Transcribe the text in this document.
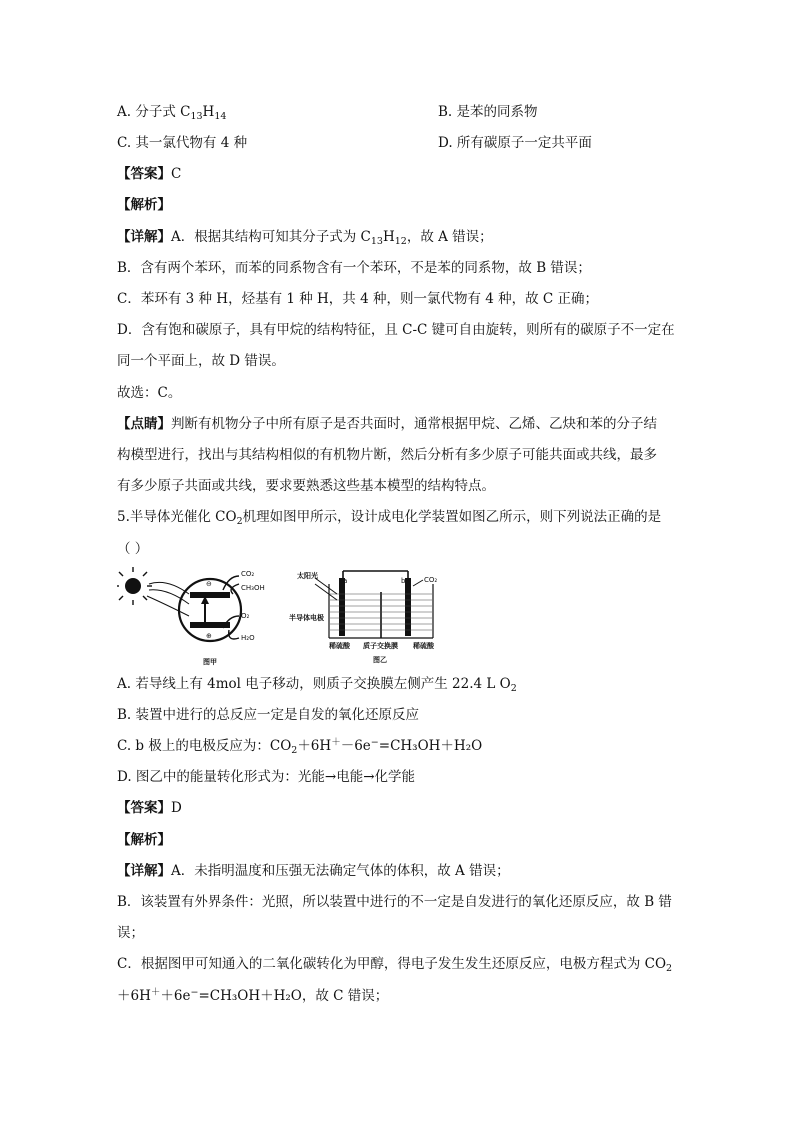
A. 分子式 $C_{13}H_{14}$	B. 是苯的同系物
C. 其一氯代物有 4 种	D. 所有碳原子一定共平面
【答案】C
【解析】
【详解】A．根据其结构可知其分子式为 $C_{13}H_{12}$，故 A 错误；
B．含有两个苯环，而苯的同系物含有一个苯环，不是苯的同系物，故 B 错误；
C．苯环有 3 种 H，烃基有 1 种 H，共 4 种，则一氯代物有 4 种，故 C 正确；
D．含有饱和碳原子，具有甲烷的结构特征，且 C-C 键可自由旋转，则所有的碳原子不一定在
同一个平面上，故 D 错误。
故选：C。
【点睛】判断有机物分子中所有原子是否共面时，通常根据甲烷、乙烯、乙炔和苯的分子结
构模型进行，找出与其结构相似的有机物片断，然后分析有多少原子可能共面或共线，最多
有多少原子共面或共线，要求要熟悉这些基本模型的结构特点。
5.半导体光催化 $CO_2$机理如图甲所示，设计成电化学装置如图乙所示，则下列说法正确的是
（ ）
⊖
⊕
CO₂
CH₃OH
O₂
H₂O
图甲
太阳光
a	b	CO₂
半导体电极
稀硫酸 质子交换膜 稀硫酸
图乙
A. 若导线上有 4mol 电子移动，则质子交换膜左侧产生 22.4 L $O_2$
B. 装置中进行的总反应一定是自发的氧化还原反应
C. b 极上的电极反应为：$CO_2+6H^+-6e^-=CH_3OH+H_2O$
D. 图乙中的能量转化形式为：光能→电能→化学能
【答案】D
【解析】
【详解】A．未指明温度和压强无法确定气体的体积，故 A 错误；
B．该装置有外界条件：光照，所以装置中进行的不一定是自发进行的氧化还原反应，故 B 错
误；
C．根据图甲可知通入的二氧化碳转化为甲醇，得电子发生发生还原反应，电极方程式为 $CO_2$
＋6H＋＋6e−=CH₃OH＋H₂O，故 C 错误；
